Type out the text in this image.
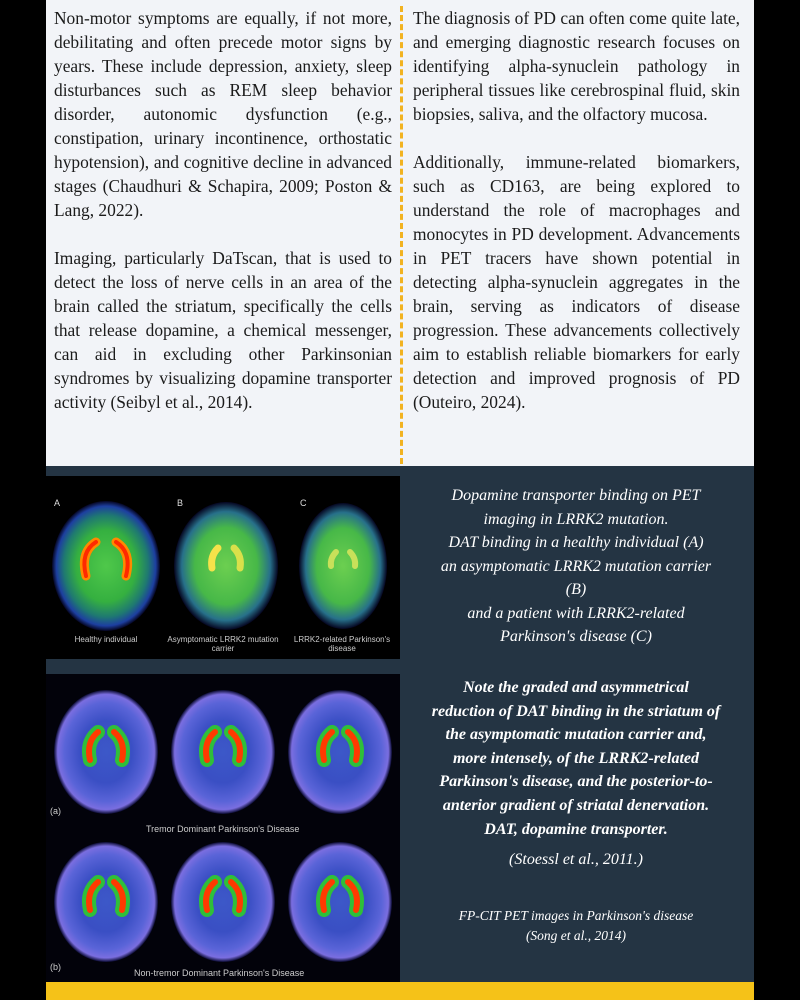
Non-motor symptoms are equally, if not more, debilitating and often precede motor signs by years. These include depression, anxiety, sleep disturbances such as REM sleep behavior disorder, autonomic dysfunction (e.g., constipation, urinary incontinence, orthostatic hypotension), and cognitive decline in advanced stages (Chaudhuri & Schapira, 2009; Poston & Lang, 2022).

Imaging, particularly DaTscan, that is used to detect the loss of nerve cells in an area of the brain called the striatum, specifically the cells that release dopamine, a chemical messenger, can aid in excluding other Parkinsonian syndromes by visualizing dopamine transporter activity (Seibyl et al., 2014).

The diagnosis of PD can often come quite late, and emerging diagnostic research focuses on identifying alpha-synuclein pathology in peripheral tissues like cerebrospinal fluid, skin biopsies, saliva, and the olfactory mucosa.

Additionally, immune-related biomarkers, such as CD163, are being explored to understand the role of macrophages and monocytes in PD development. Advancements in PET tracers have shown potential in detecting alpha-synuclein aggregates in the brain, serving as indicators of disease progression. These advancements collectively aim to establish reliable biomarkers for early detection and improved prognosis of PD (Outeiro, 2024).

A	B	C
Healthy individual	Asymptomatic LRRK2 mutation carrier
LRRK2-related Parkinson's disease
(a)
Tremor Dominant Parkinson's Disease
(b)
Non-tremor Dominant Parkinson's Disease
Dopamine transporter binding on PET
imaging in LRRK2 mutation.
DAT binding in a healthy individual (A)
an asymptomatic LRRK2 mutation carrier
(B)
and a patient with LRRK2-related
Parkinson's disease (C)
Note the graded and asymmetrical
reduction of DAT binding in the striatum of
the asymptomatic mutation carrier and,
more intensely, of the LRRK2-related
Parkinson's disease, and the posterior-to-
anterior gradient of striatal denervation.
DAT, dopamine transporter.
(Stoessl et al., 2011.)
FP-CIT PET images in Parkinson's disease
(Song et al., 2014)
